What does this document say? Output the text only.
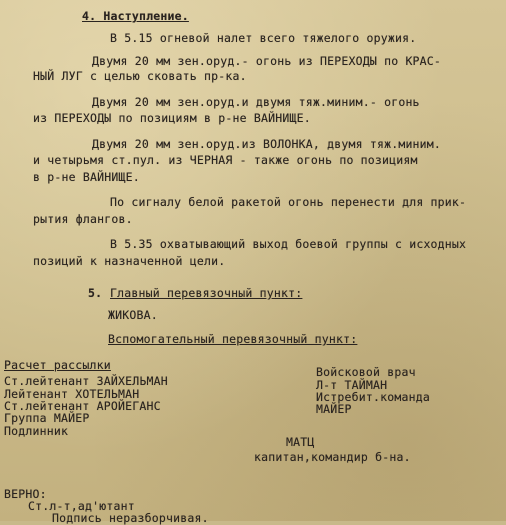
4. Наступление.
В 5.15 огневой налет всего тяжелого оружия.
Двумя 20 мм зен.оруд.- огонь из ПЕРЕХОДЫ по КРАС-
НЫЙ ЛУГ с целью сковать пр-ка.
Двумя 20 мм зен.оруд.и двумя тяж.миним.- огонь
из ПЕРЕХОДЫ по позициям в р-не ВАЙНИЩЕ.
Двумя 20 мм зен.оруд.из ВОЛОНКА, двумя тяж.миним.
и четырьмя ст.пул. из ЧЕРНАЯ - также огонь по позициям
в р-не ВАЙНИЩЕ.
По сигналу белой ракетой огонь перенести для прик-
рытия флангов.
В 5.35 охватывающий выход боевой группы с исходных
позиций к назначенной цели.
5. Главный перевязочный пункт:
ЖИКОВА.
Вспомогательный перевязочный пункт:
Расчет рассылки
Ст.лейтенант ЗАЙХЕЛЬМАН
Лейтенант ХОТЕЛЬМАН
Ст.лейтенант АРОЙЕГАНС
Группа МАЙЕР
Подлинник
Войсковой врач
Л-т ТАЙМАН
Истребит.команда
МАЙЕР
МАТЦ
капитан,командир б-на.
ВЕРНО:
Ст.л-т,ад'ютант
Подпись неразборчивая.
